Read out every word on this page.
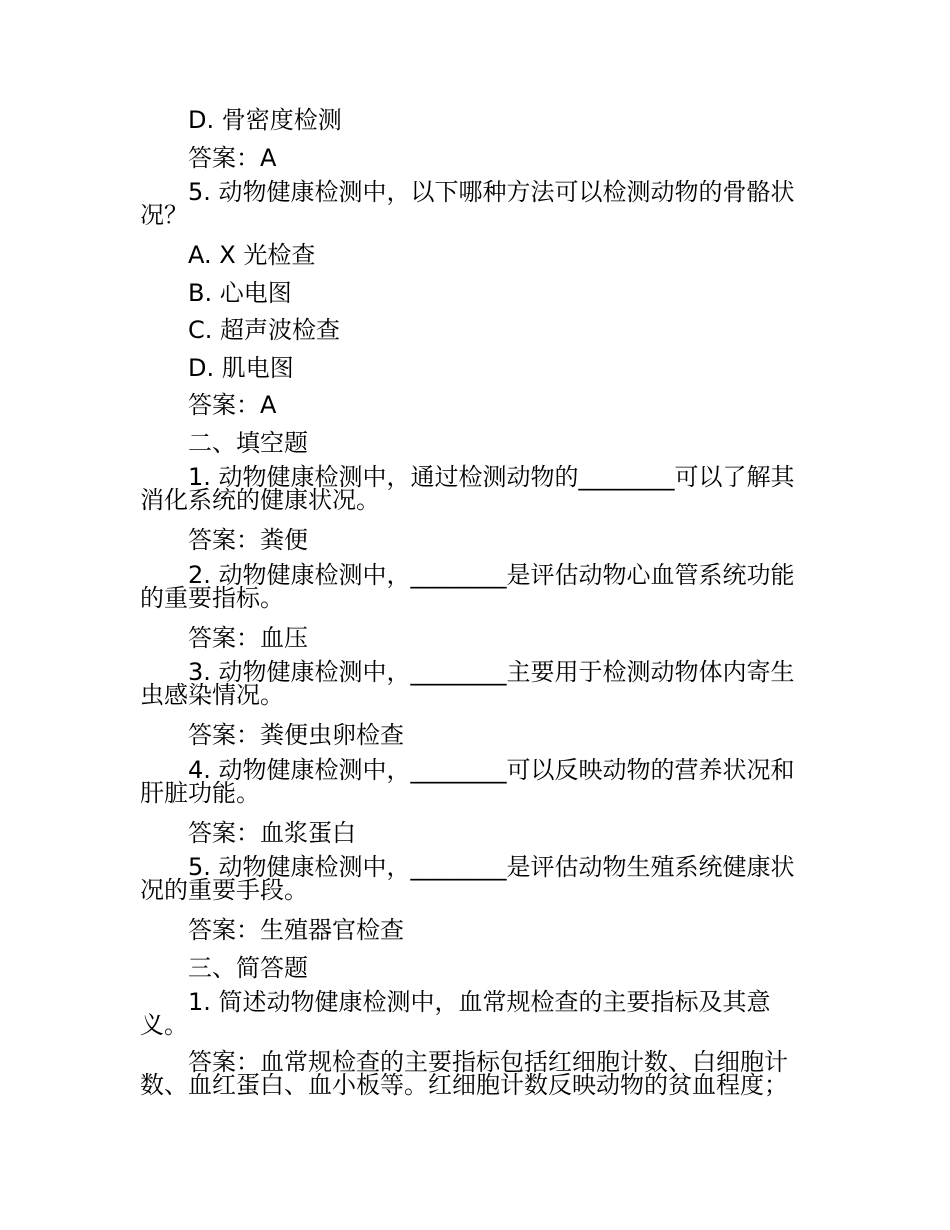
D. 骨密度检测

答案：A

5. 动物健康检测中，以下哪种方法可以检测动物的骨骼状况？

A. X 光检查

B. 心电图

C. 超声波检查

D. 肌电图

答案：A

二、填空题

1. 动物健康检测中，通过检测动物的________可以了解其消化系统的健康状况。

答案：粪便

2. 动物健康检测中，________是评估动物心血管系统功能的重要指标。

答案：血压

3. 动物健康检测中，________主要用于检测动物体内寄生虫感染情况。

答案：粪便虫卵检查

4. 动物健康检测中，________可以反映动物的营养状况和肝脏功能。

答案：血浆蛋白

5. 动物健康检测中，________是评估动物生殖系统健康状况的重要手段。

答案：生殖器官检查

三、简答题

1. 简述动物健康检测中，血常规检查的主要指标及其意义。

答案：血常规检查的主要指标包括红细胞计数、白细胞计数、血红蛋白、血小板等。红细胞计数反映动物的贫血程度；
